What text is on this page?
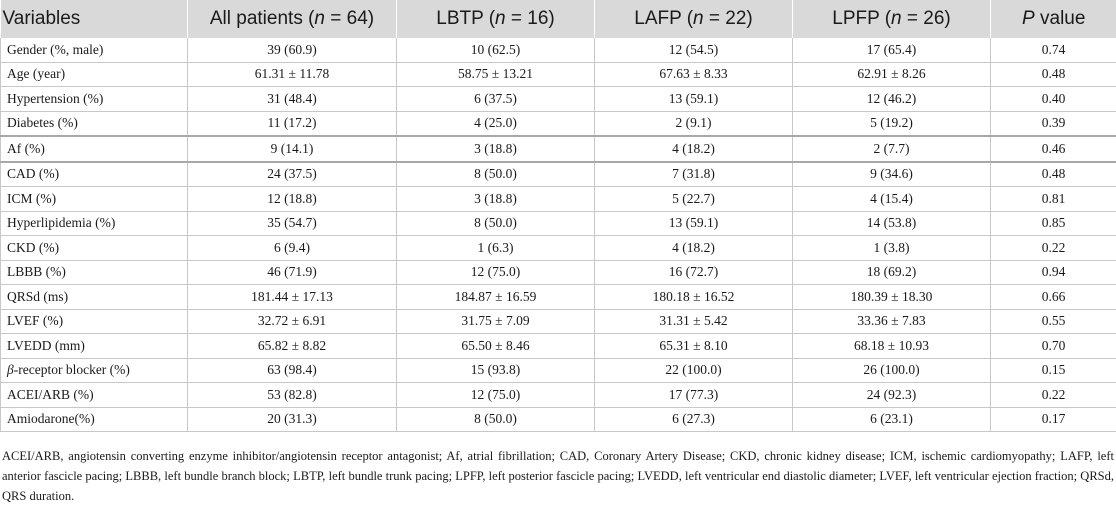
Variables	All patients (n = 64)	LBTP (n = 16)	LAFP (n = 22)	LPFP (n = 26)	P value
Gender (%, male)	39 (60.9)	10 (62.5)	12 (54.5)	17 (65.4)	0.74
Age (year)	61.31 ± 11.78	58.75 ± 13.21	67.63 ± 8.33	62.91 ± 8.26	0.48
Hypertension (%)	31 (48.4)	6 (37.5)	13 (59.1)	12 (46.2)	0.40
Diabetes (%)	11 (17.2)	4 (25.0)	2 (9.1)	5 (19.2)	0.39
Af (%)	9 (14.1)	3 (18.8)	4 (18.2)	2 (7.7)	0.46
CAD (%)	24 (37.5)	8 (50.0)	7 (31.8)	9 (34.6)	0.48
ICM (%)	12 (18.8)	3 (18.8)	5 (22.7)	4 (15.4)	0.81
Hyperlipidemia (%)	35 (54.7)	8 (50.0)	13 (59.1)	14 (53.8)	0.85
CKD (%)	6 (9.4)	1 (6.3)	4 (18.2)	1 (3.8)	0.22
LBBB (%)	46 (71.9)	12 (75.0)	16 (72.7)	18 (69.2)	0.94
QRSd (ms)	181.44 ± 17.13	184.87 ± 16.59	180.18 ± 16.52	180.39 ± 18.30	0.66
LVEF (%)	32.72 ± 6.91	31.75 ± 7.09	31.31 ± 5.42	33.36 ± 7.83	0.55
LVEDD (mm)	65.82 ± 8.82	65.50 ± 8.46	65.31 ± 8.10	68.18 ± 10.93	0.70
β-receptor blocker (%)	63 (98.4)	15 (93.8)	22 (100.0)	26 (100.0)	0.15
ACEI/ARB (%)	53 (82.8)	12 (75.0)	17 (77.3)	24 (92.3)	0.22
Amiodarone(%)	20 (31.3)	8 (50.0)	6 (27.3)	6 (23.1)	0.17

ACEI/ARB, angiotensin converting enzyme inhibitor/angiotensin receptor antagonist; Af, atrial fibrillation; CAD, Coronary Artery Disease; CKD, chronic kidney disease; ICM, ischemic cardiomyopathy; LAFP, left anterior fascicle pacing; LBBB, left bundle branch block; LBTP, left bundle trunk pacing; LPFP, left posterior fascicle pacing; LVEDD, left ventricular end diastolic diameter; LVEF, left ventricular ejection fraction; QRSd, QRS duration.
